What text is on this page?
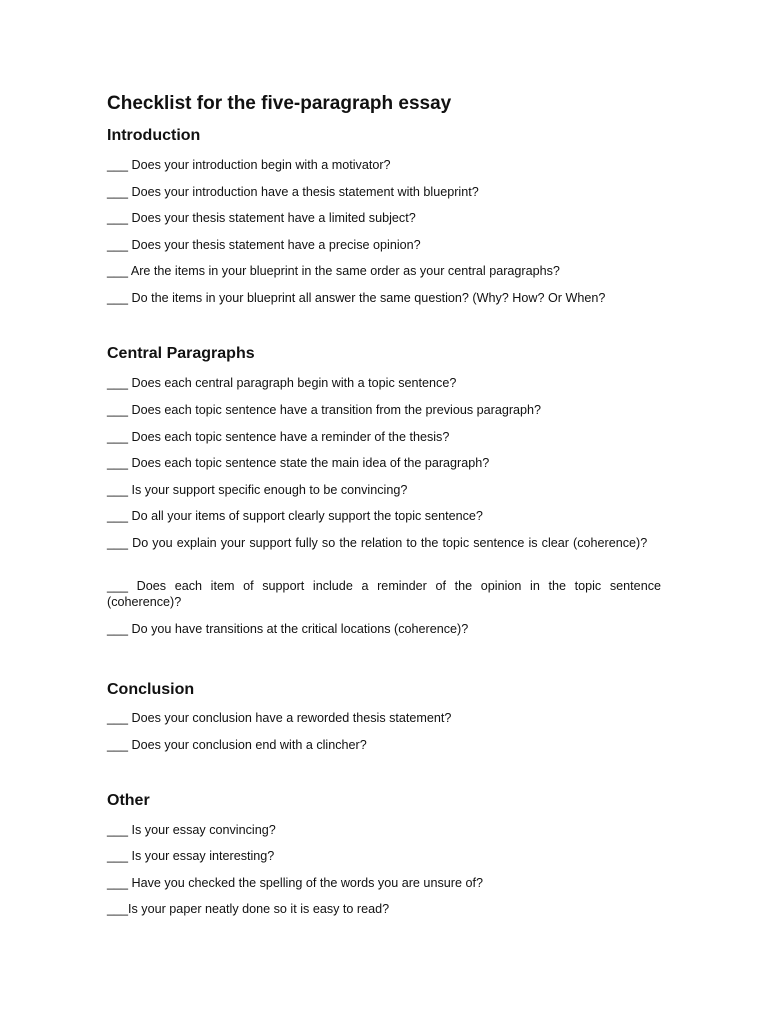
Checklist for the five-paragraph essay
Introduction
___ Does your introduction begin with a motivator?
___ Does your introduction have a thesis statement with blueprint?
___ Does your thesis statement have a limited subject?
___ Does your thesis statement have a precise opinion?
___ Are the items in your blueprint in the same order as your central paragraphs?
___ Do the items in your blueprint all answer the same question? (Why? How? Or When?
Central Paragraphs
___ Does each central paragraph begin with a topic sentence?
___ Does each topic sentence have a transition from the previous paragraph?
___ Does each topic sentence have a reminder of the thesis?
___ Does each topic sentence state the main idea of the paragraph?
___ Is your support specific enough to be convincing?
___ Do all your items of support clearly support the topic sentence?
___ Do you explain your support fully so the relation to the topic sentence is clear (coherence)?
___ Does each item of support include a reminder of the opinion in the topic sentence (coherence)?
___ Do you have transitions at the critical locations (coherence)?
Conclusion
___ Does your conclusion have a reworded thesis statement?
___ Does your conclusion end with a clincher?
Other
___ Is your essay convincing?
___ Is your essay interesting?
___ Have you checked the spelling of the words you are unsure of?
___Is your paper neatly done so it is easy to read?
